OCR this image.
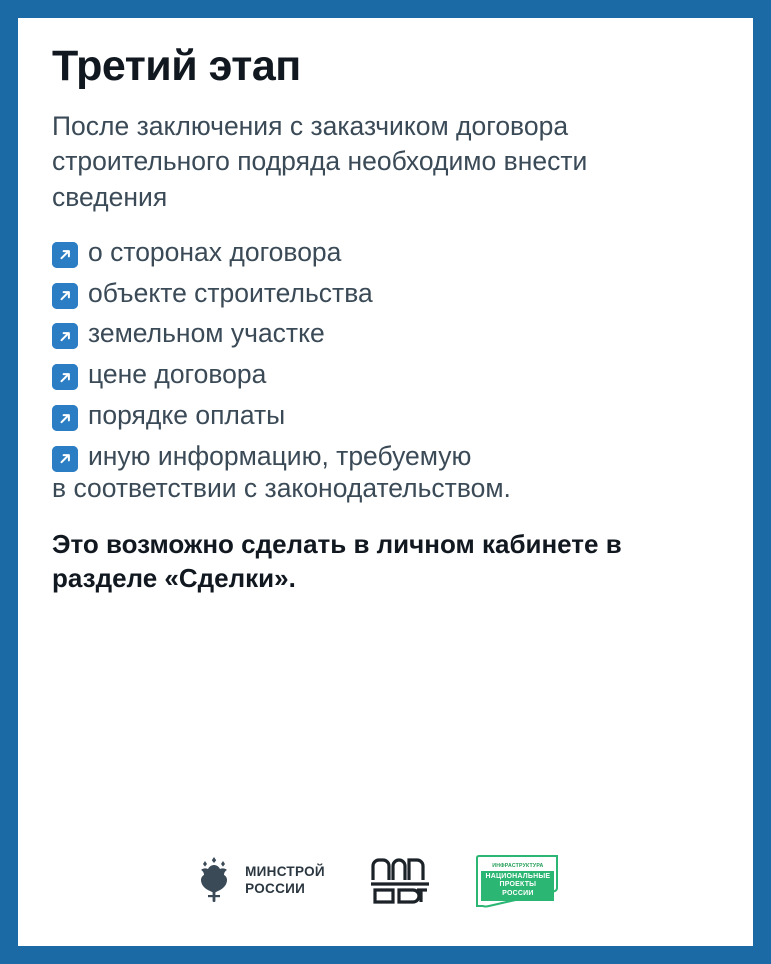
Третий этап

После заключения с заказчиком договора строительного подряда необходимо внести сведения

о сторонах договора
объекте строительства
земельном участке
цене договора
порядке оплаты
иную информацию, требуемую
в соответствии с законодательством.

Это возможно сделать в личном кабинете в разделе «Сделки».

МИНСТРОЙ
РОССИИ
ИНФРАСТРУКТУРА
НАЦИОНАЛЬНЫЕ
ПРОЕКТЫ
РОССИИ
